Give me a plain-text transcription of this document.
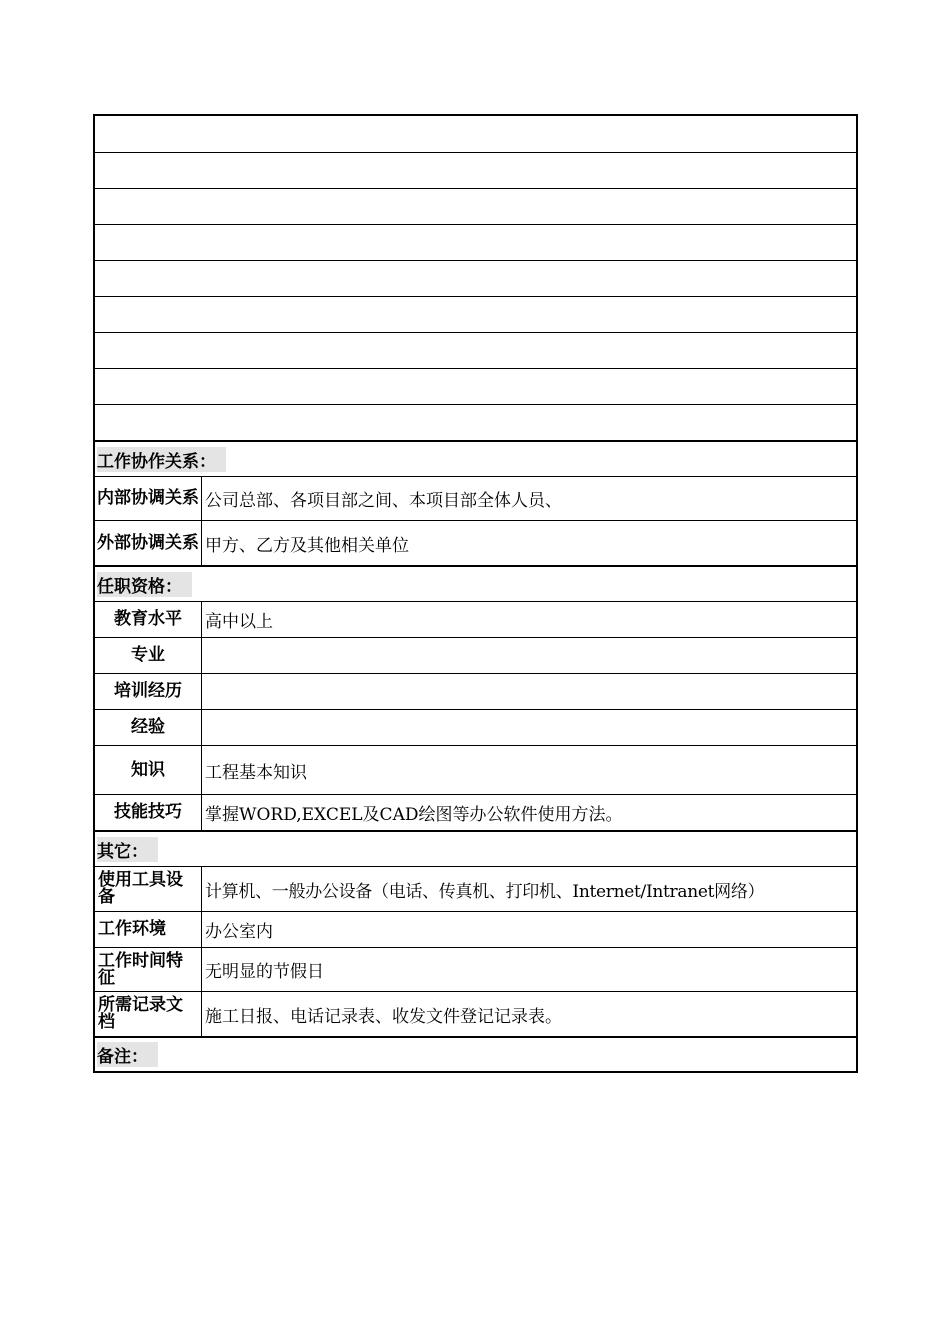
工作协作关系：
内部协调关系 公司总部、各项目部之间、本项目部全体人员、
外部协调关系 甲方、乙方及其他相关单位
任职资格：
教育水平	高中以上
专业
培训经历
经验
知识	工程基本知识
技能技巧	掌握WORD,EXCEL及CAD绘图等办公软件使用方法。
其它：
使用工具设备	计算机、一般办公设备（电话、传真机、打印机、Internet/Intranet网络）
工作环境	办公室内
工作时间特征	无明显的节假日
所需记录文档	施工日报、电话记录表、收发文件登记记录表。
备注：
